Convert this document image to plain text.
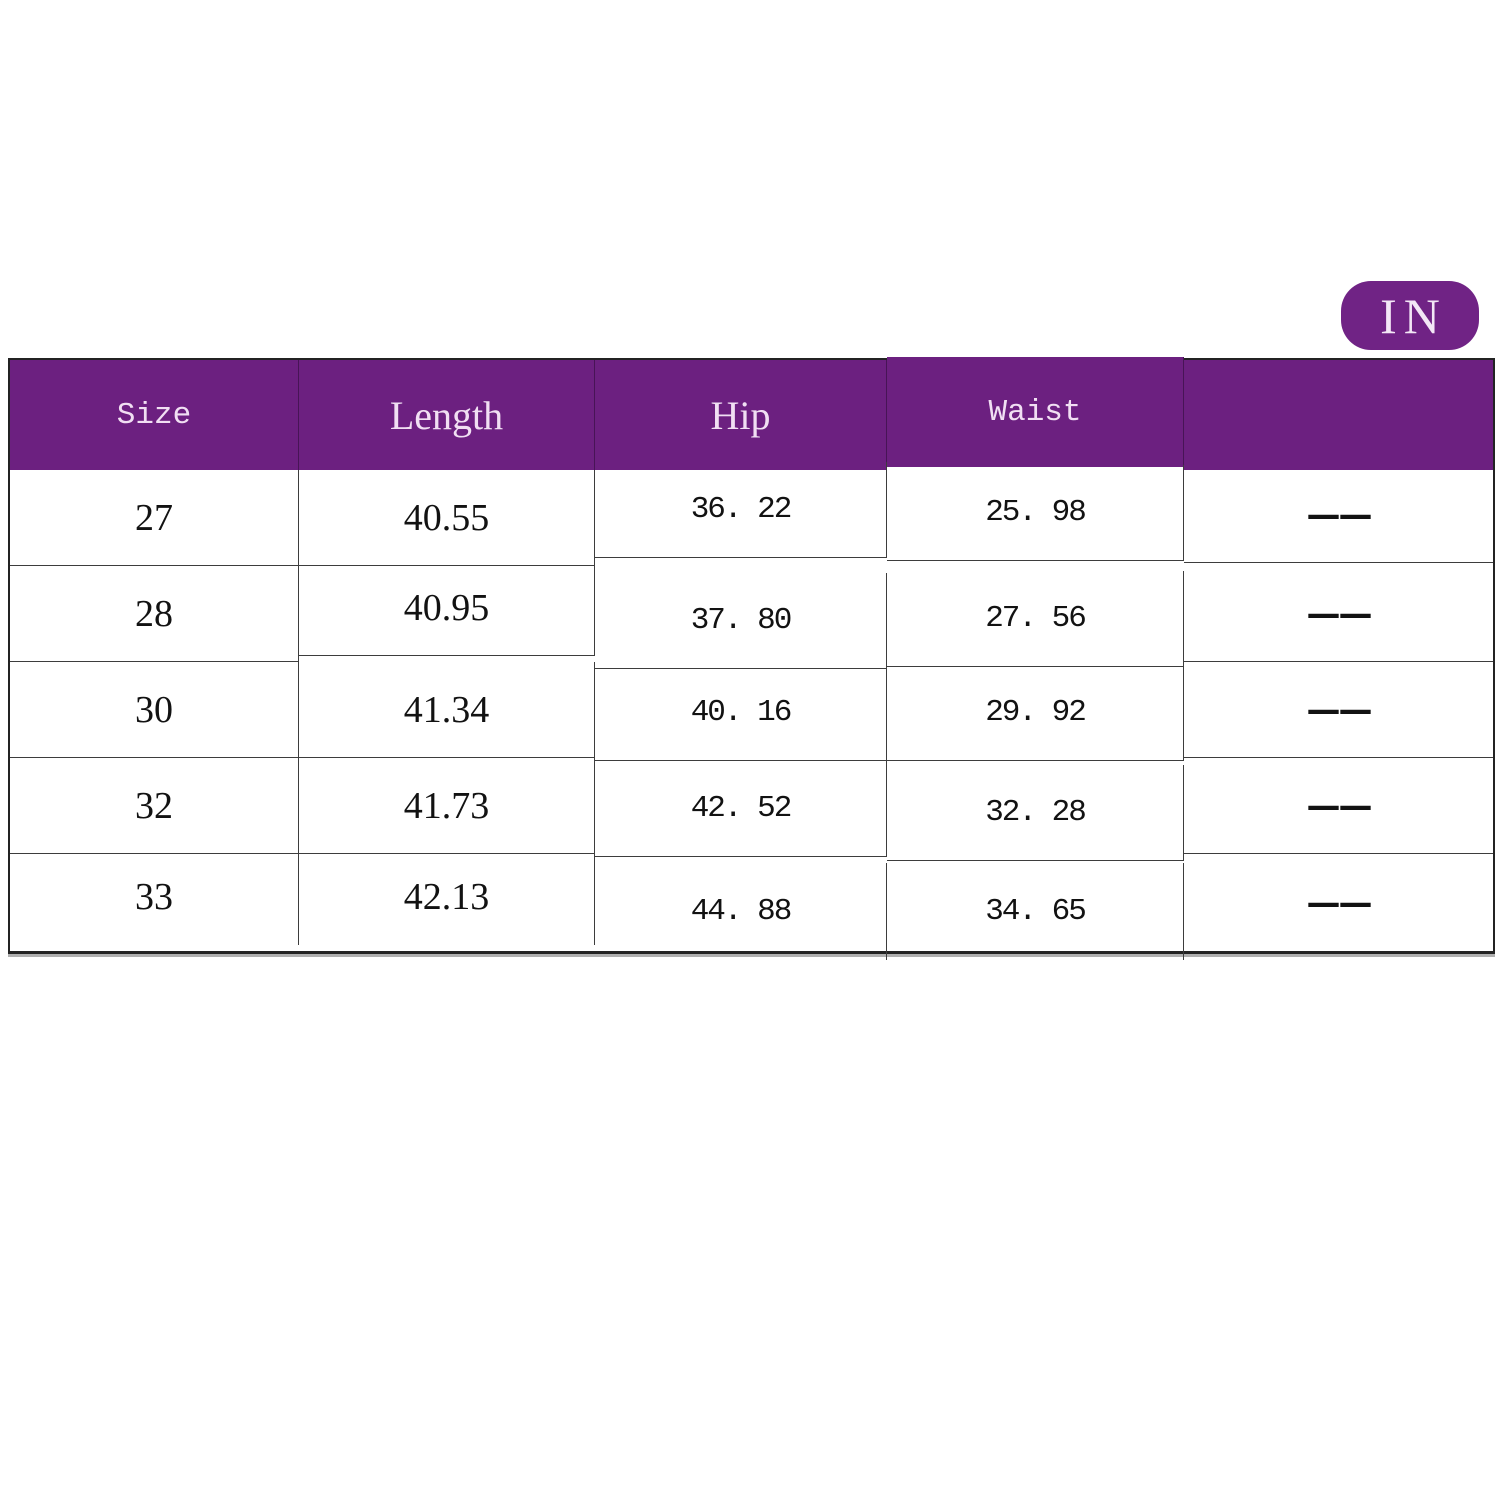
IN
Size	Length	Hip	Waist
27	40.55	36. 22	25. 98	——
28	40.95	37. 80	27. 56	——
30	41.34	40. 16	29. 92	——
32	41.73	42. 52	32. 28	——
33	42.13	44. 88	34. 65	——
